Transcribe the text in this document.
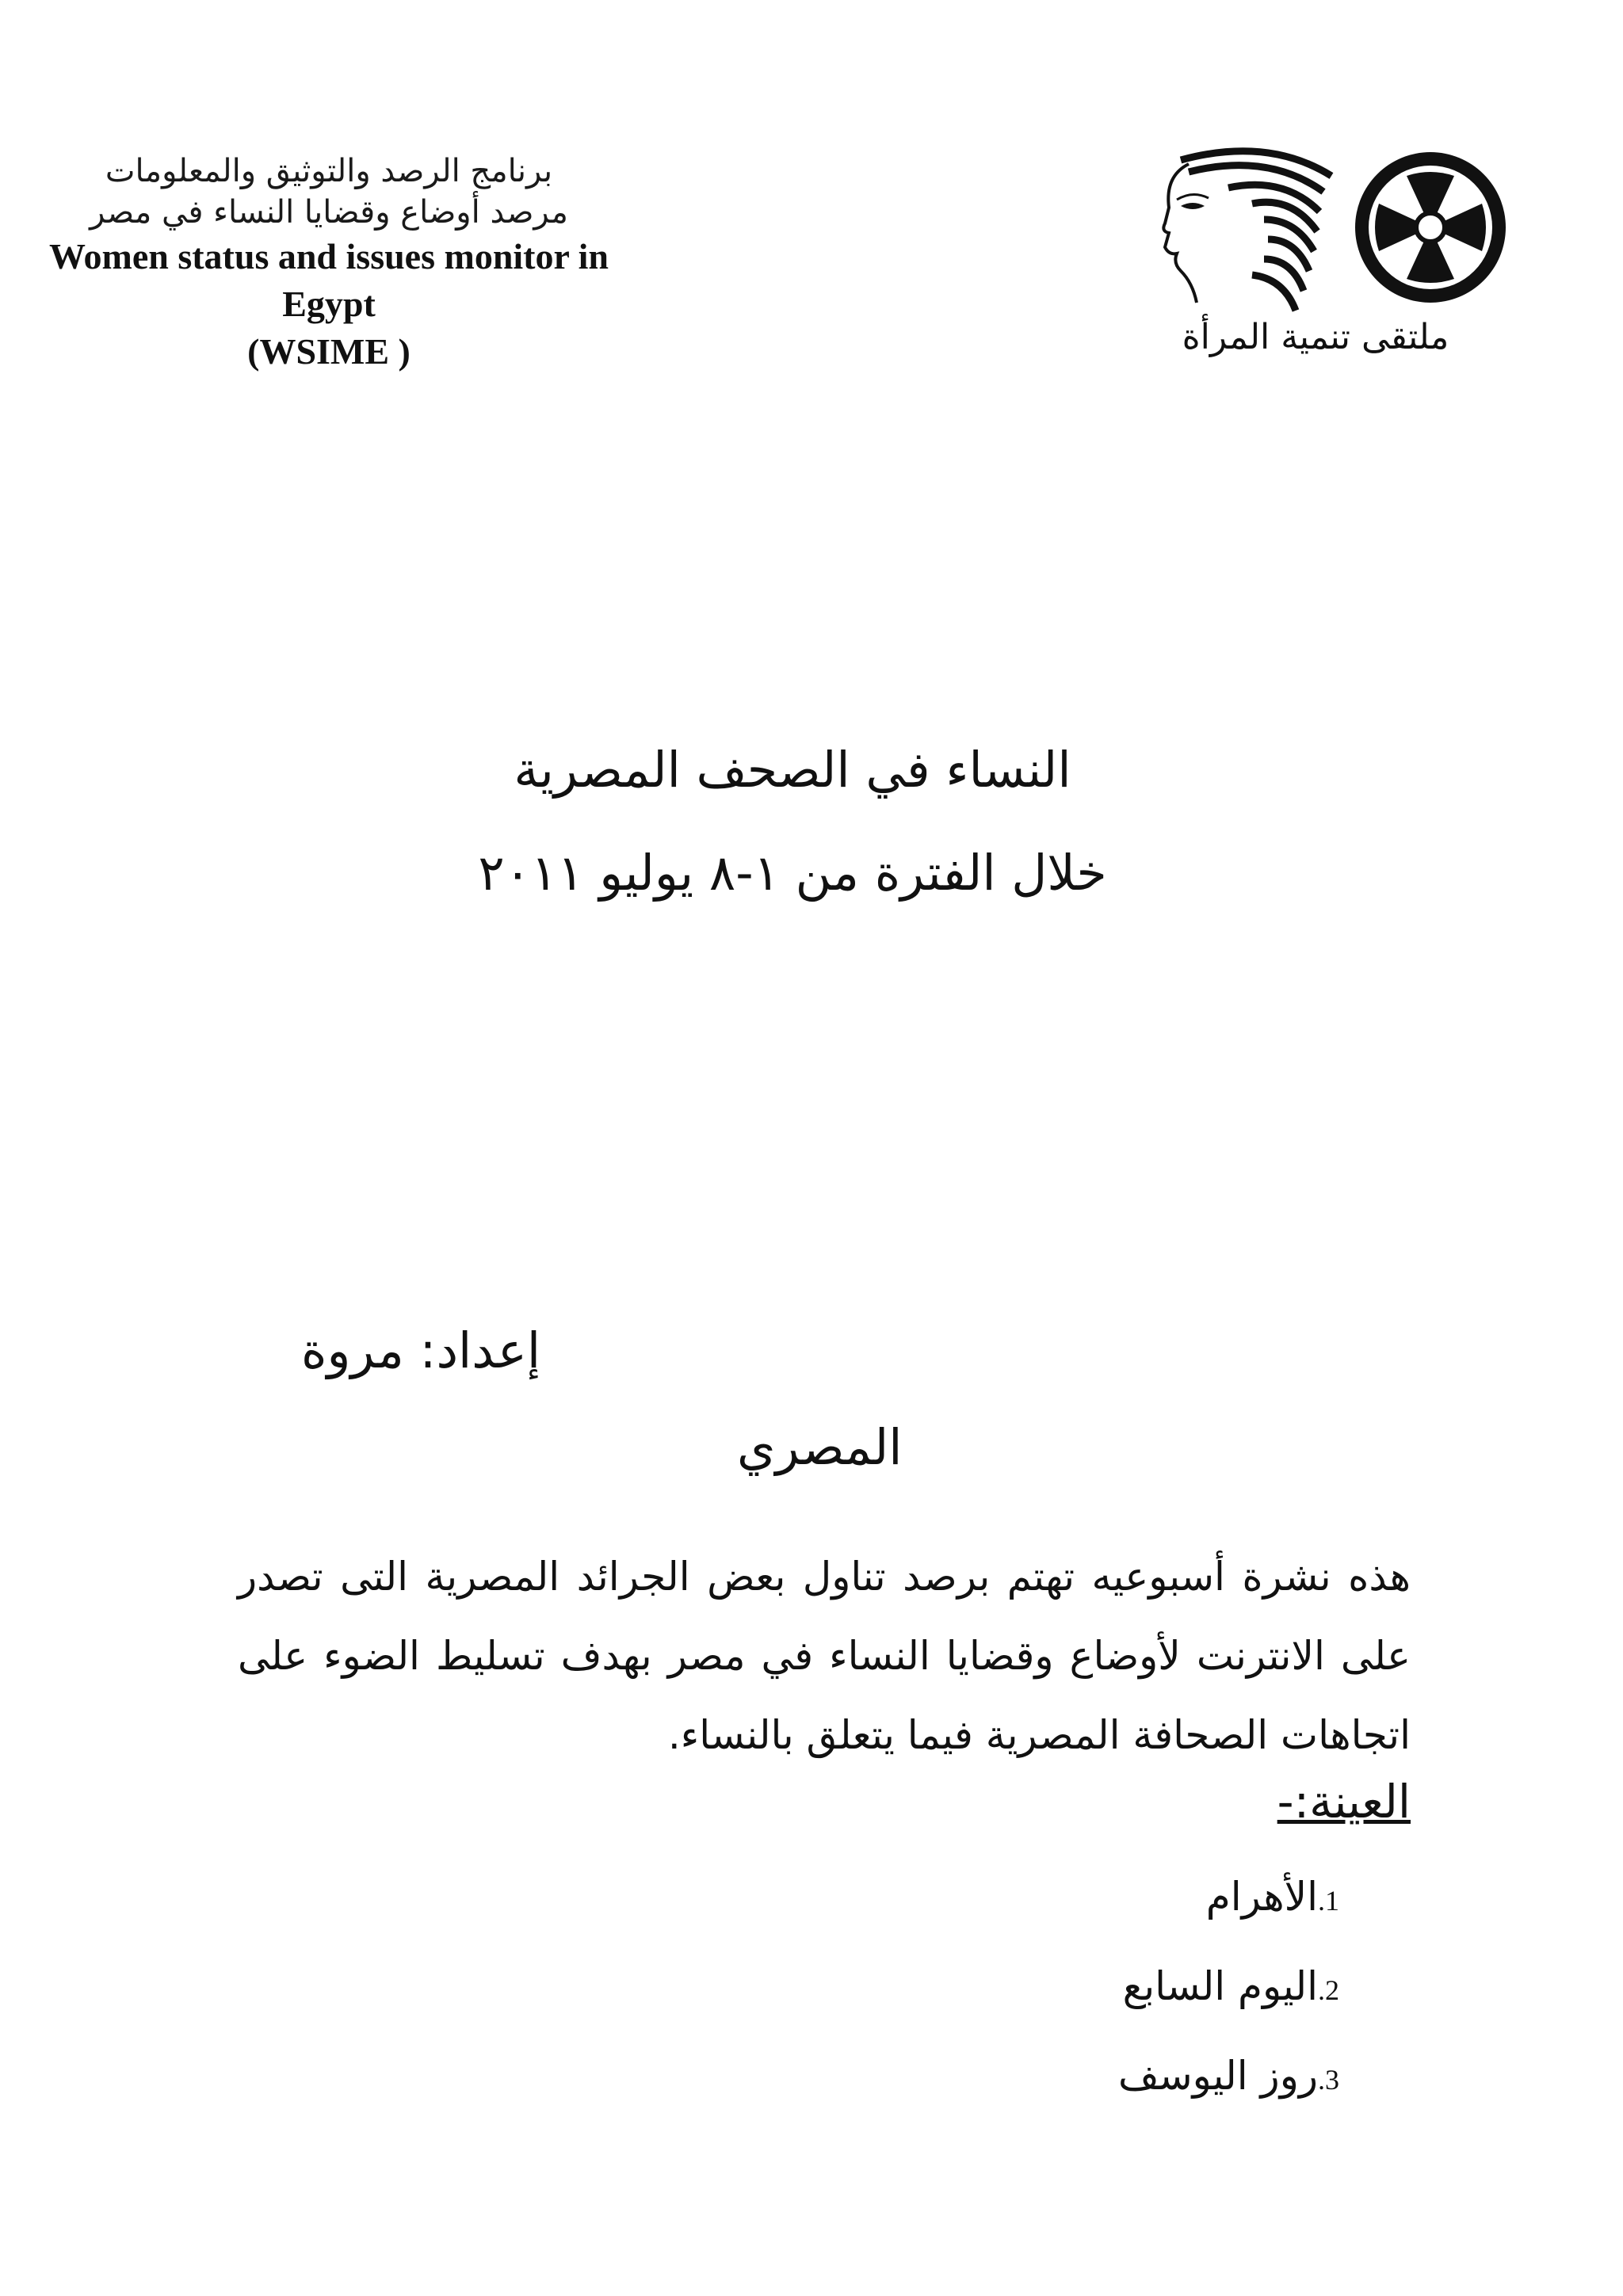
برنامج الرصد والتوثيق والمعلومات
مرصد أوضاع وقضايا النساء في مصر
Women status and issues monitor in
Egypt
(WSIME )	ملتقى تنمية المرأة
النساء في الصحف المصرية
خلال الفترة من ١-٨ يوليو ٢٠١١
إعداد: مروة
المصري
هذه نشرة أسبوعيه تهتم برصد تناول بعض الجرائد المصرية التى تصدر على الانترنت لأوضاع وقضايا النساء في مصر بهدف تسليط الضوء على اتجاهات الصحافة المصرية فيما يتعلق بالنساء.
العينة:-
1.الأهرام
2.اليوم السابع
3.روز اليوسف
